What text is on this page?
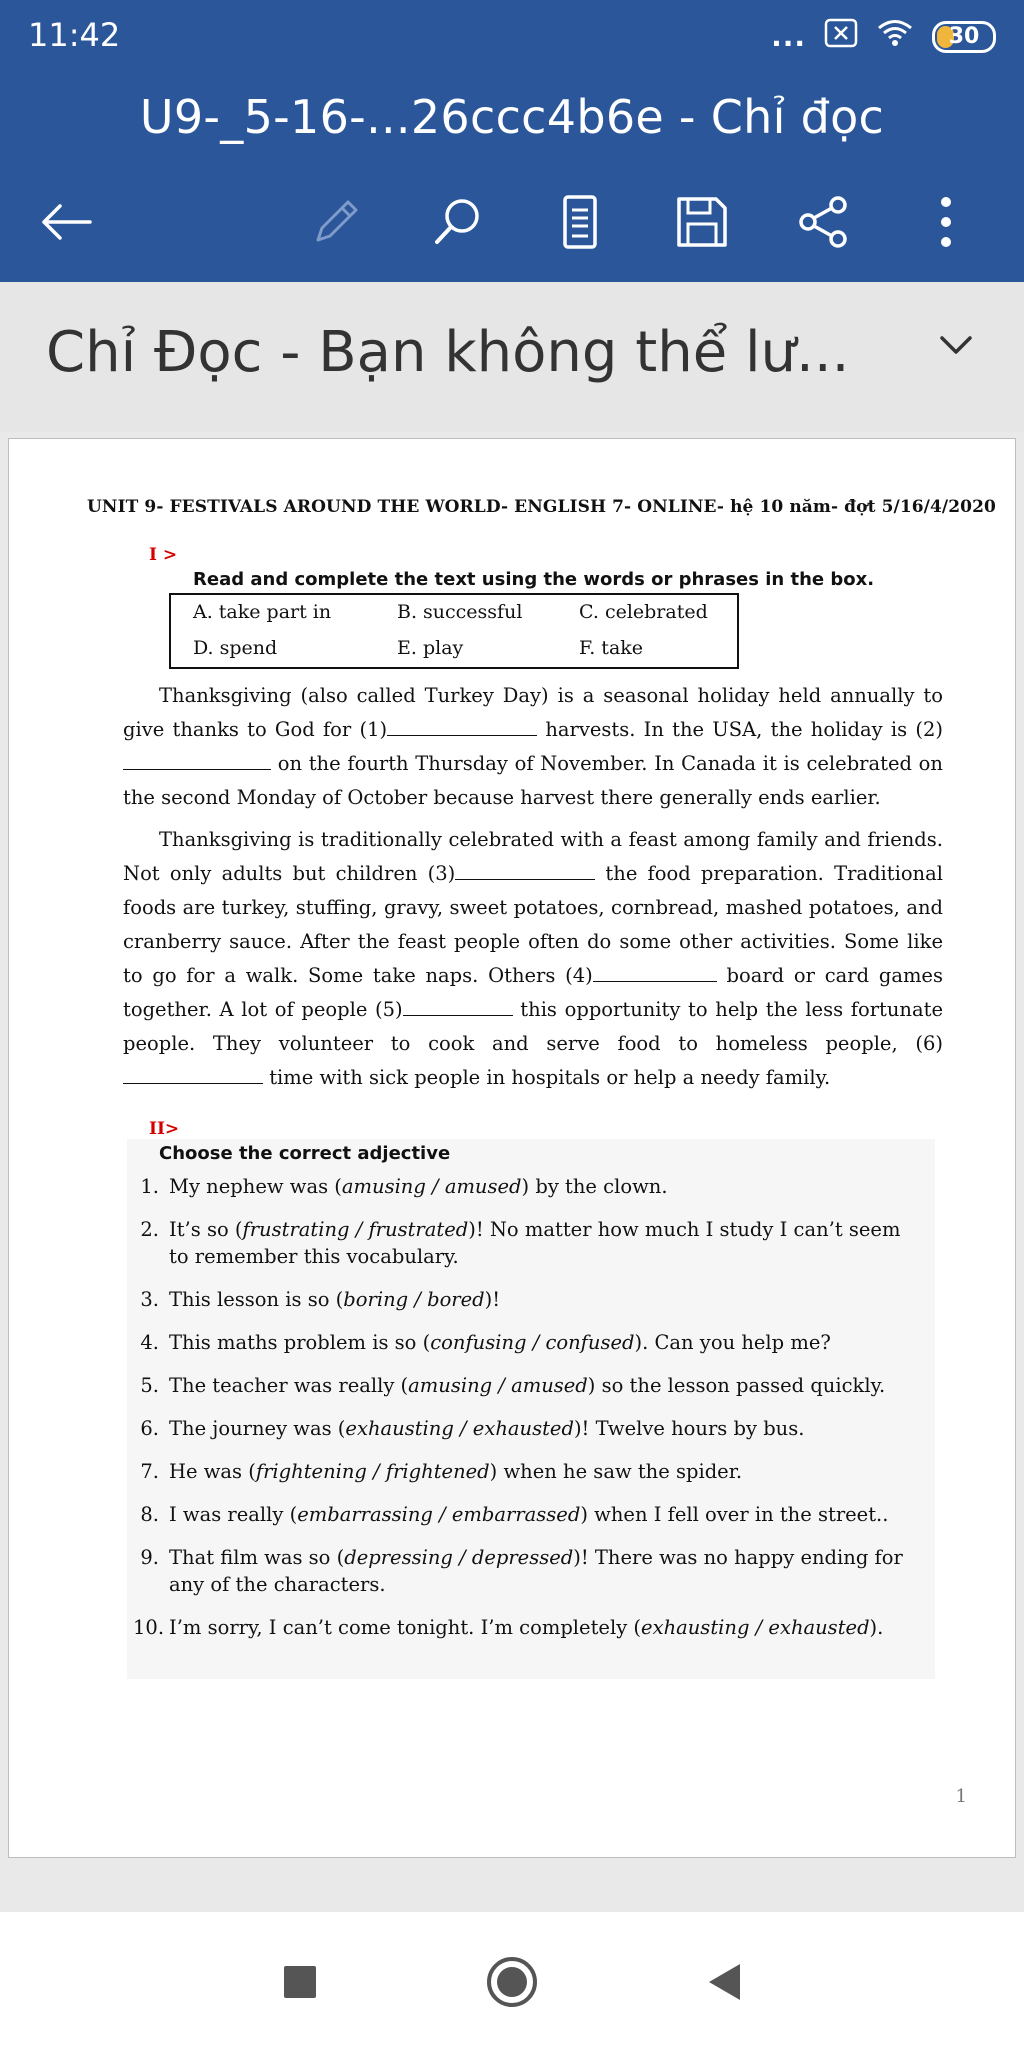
11:42	...	30
U9-_5-16-...26ccc4b6e - Chỉ đọc
Chỉ Đọc - Bạn không thể lư...
UNIT 9- FESTIVALS AROUND THE WORLD- ENGLISH 7- ONLINE- hệ 10 năm- đợt 5/16/4/2020
I >
Read and complete the text using the words or phrases in the box.
A. take part in	B. successful	C. celebrated
D. spend	E. play	F. take

Thanksgiving (also called Turkey Day) is a seasonal holiday held annually to give thanks to God for (1)	harvests. In the USA, the holiday is (2) on the fourth Thursday of November. In Canada it is celebrated on the second Monday of October because harvest there generally ends earlier.

Thanksgiving is traditionally celebrated with a feast among family and friends. Not only adults but children (3)	the food preparation. Traditional foods are turkey, stuffing, gravy, sweet potatoes, cornbread, mashed potatoes, and cranberry sauce. After the feast people often do some other activities. Some like to go for a walk. Some take naps. Others (4)	board or card games together. A lot of people (5)	this opportunity to help the less fortunate people. They volunteer to cook and serve food to homeless people, (6) time with sick people in hospitals or help a needy family.

II>
Choose the correct adjective
1. My nephew was (amusing / amused) by the clown.
2. It’s so (frustrating / frustrated)! No matter how much I study I can’t seem to remember this vocabulary.
3. This lesson is so (boring / bored)!
4. This maths problem is so (confusing / confused). Can you help me?
5. The teacher was really (amusing / amused) so the lesson passed quickly.
6. The journey was (exhausting / exhausted)! Twelve hours by bus.
7. He was (frightening / frightened) when he saw the spider.
8. I was really (embarrassing / embarrassed) when I fell over in the street..
9. That film was so (depressing / depressed)! There was no happy ending for any of the characters.
10. I’m sorry, I can’t come tonight. I’m completely (exhausting / exhausted).
1
